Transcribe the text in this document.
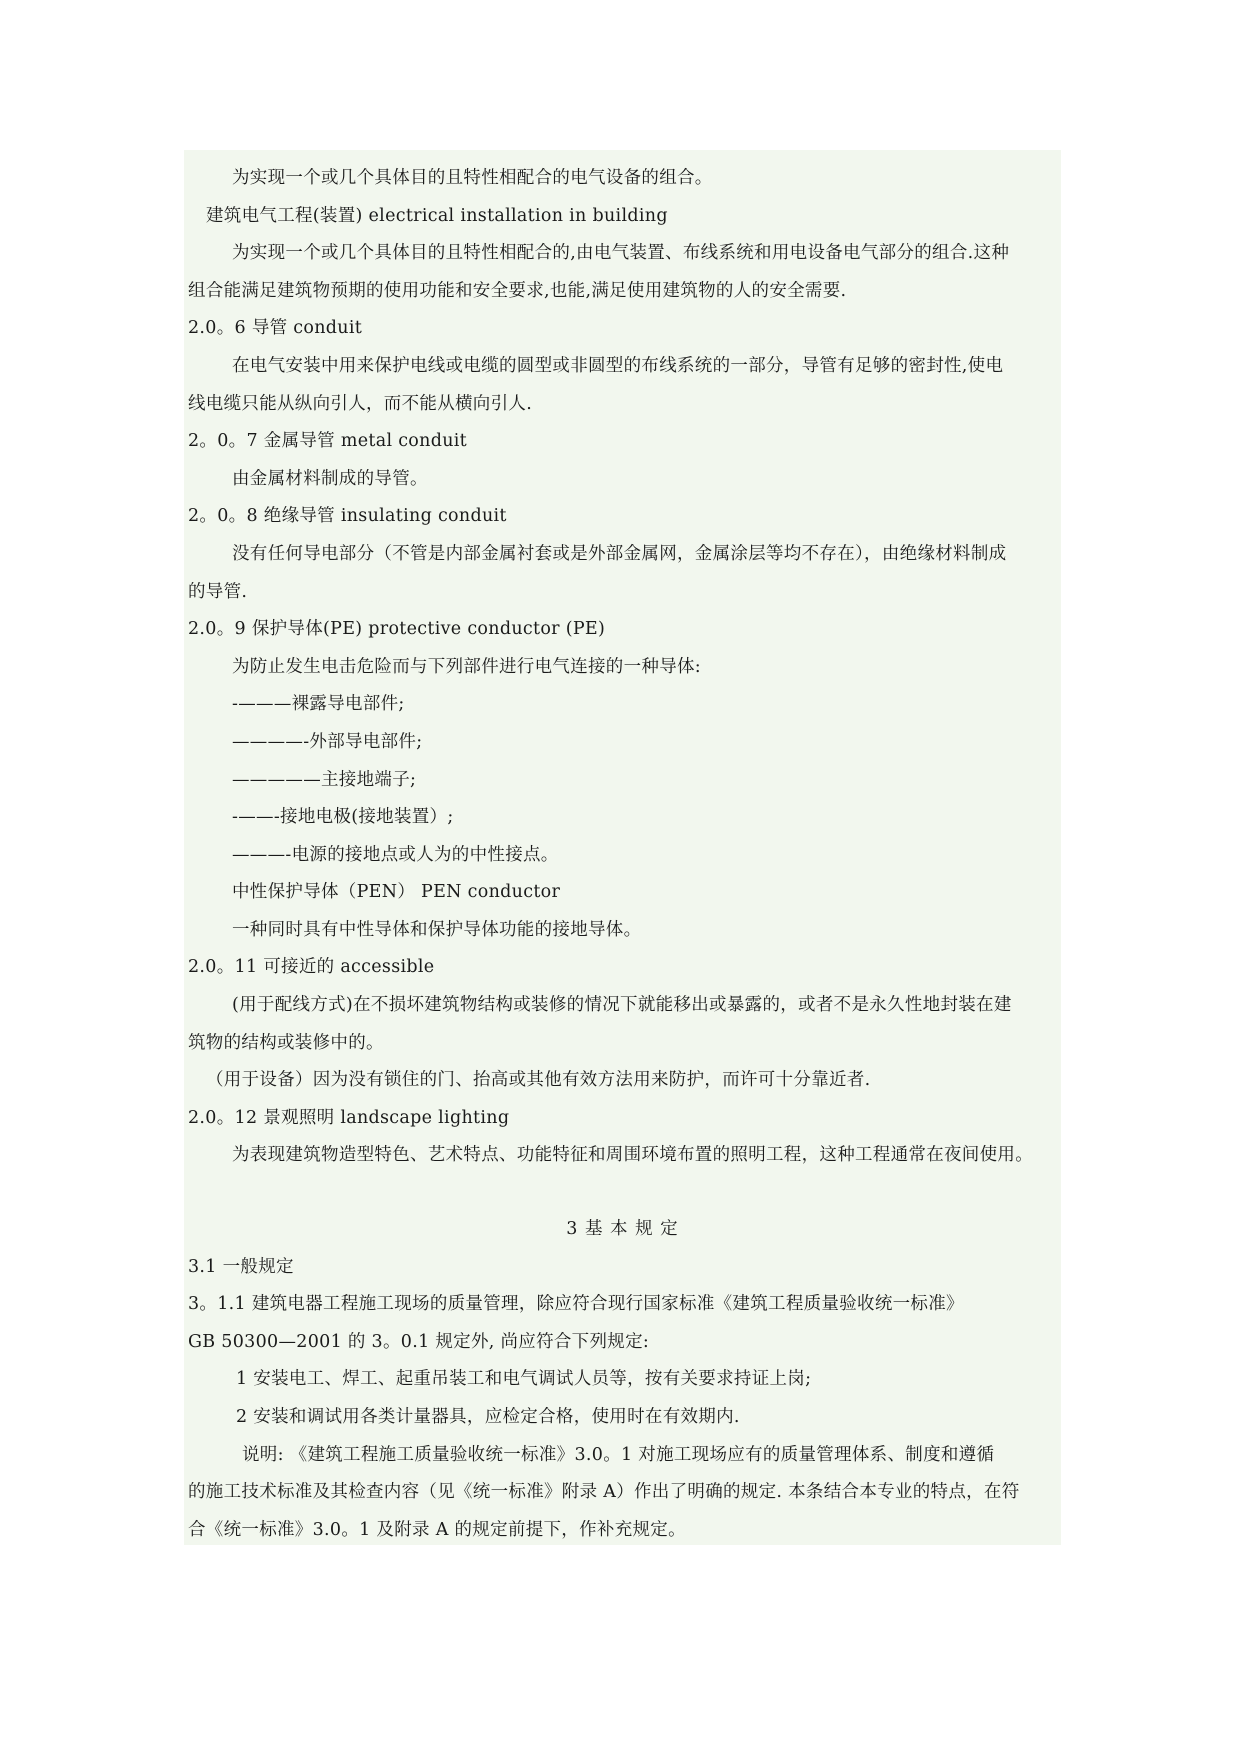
为实现一个或几个具体目的且特性相配合的电气设备的组合。
建筑电气工程(装置) electrical installation in building
为实现一个或几个具体目的且特性相配合的,由电气装置、布线系统和用电设备电气部分的组合.这种
组合能满足建筑物预期的使用功能和安全要求,也能,满足使用建筑物的人的安全需要.
2.0。6 导管 conduit
在电气安装中用来保护电线或电缆的圆型或非圆型的布线系统的一部分，导管有足够的密封性,使电
线电缆只能从纵向引人，而不能从横向引人.
2。0。7 金属导管 metal conduit
由金属材料制成的导管。
2。0。8 绝缘导管 insulating conduit
没有任何导电部分（不管是内部金属衬套或是外部金属网，金属涂层等均不存在），由绝缘材料制成
的导管.
2.0。9 保护导体(PE) protective conductor (PE)
为防止发生电击危险而与下列部件进行电气连接的一种导体:
-———裸露导电部件;
————-外部导电部件;
—————主接地端子;
-——-接地电极(接地装置）;
———-电源的接地点或人为的中性接点。
中性保护导体（PEN） PEN conductor
一种同时具有中性导体和保护导体功能的接地导体。
2.0。11 可接近的 accessible
(用于配线方式)在不损坏建筑物结构或装修的情况下就能移出或暴露的，或者不是永久性地封装在建
筑物的结构或装修中的。
（用于设备）因为没有锁住的门、抬高或其他有效方法用来防护，而许可十分靠近者.
2.0。12 景观照明 landscape lighting
为表现建筑物造型特色、艺术特点、功能特征和周围环境布置的照明工程，这种工程通常在夜间使用。
3 基 本 规 定
3.1 一般规定
3。1.1 建筑电器工程施工现场的质量管理，除应符合现行国家标准《建筑工程质量验收统一标准》
GB 50300—2001 的 3。0.1 规定外, 尚应符合下列规定:
1 安装电工、焊工、起重吊装工和电气调试人员等，按有关要求持证上岗;
2 安装和调试用各类计量器具，应检定合格，使用时在有效期内.
说明: 《建筑工程施工质量验收统一标准》3.0。1 对施工现场应有的质量管理体系、制度和遵循
的施工技术标准及其检查内容（见《统一标准》附录 A）作出了明确的规定. 本条结合本专业的特点，在符
合《统一标准》3.0。1 及附录 A 的规定前提下，作补充规定。
